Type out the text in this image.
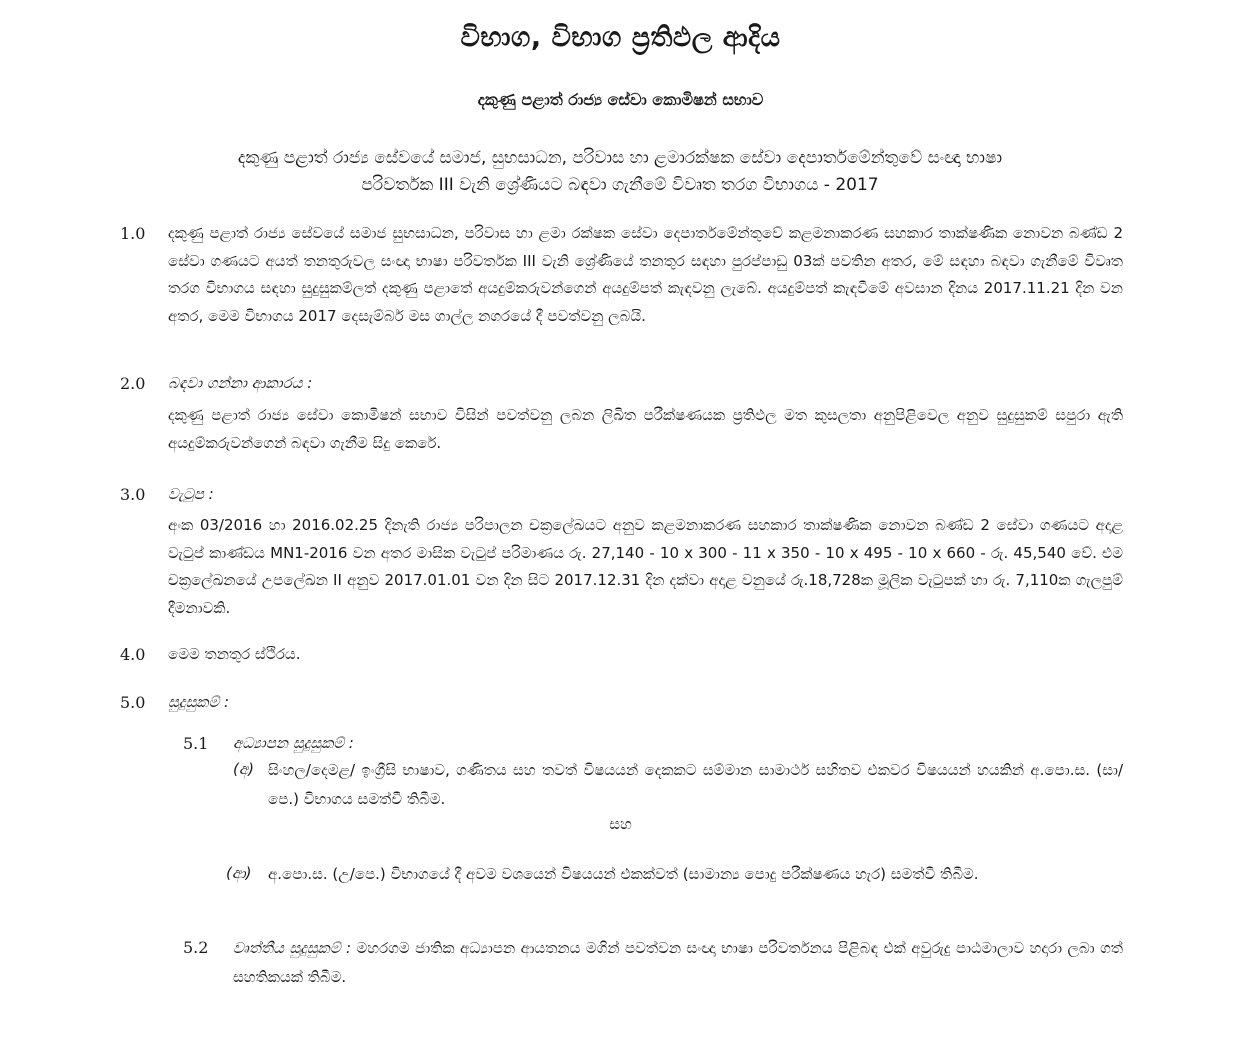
විභාග, විභාග ප්‍රතිඵල ආදිය
දකුණු පළාත් රාජ්‍ය සේවා කොමිෂන් සභාව
දකුණු පළාත් රාජ්‍ය සේවයේ සමාජ, සුභසාධන, පරිවාස හා ළමාරක්ෂක සේවා දෙපාර්තමේන්තුවේ සංඥා භාෂා
පරිවර්තක III වැනි ශ්‍රේණියට බඳවා ගැනීමේ විවෘත තරග විභාගය - 2017
1.0 දකුණු පළාත් රාජ්‍ය සේවයේ සමාජ සුභසාධන, පරිවාස හා ළමා රක්ෂක සේවා දෙපාර්තමේන්තුවේ කළමනාකරණ සහකාර තාක්ෂණික නොවන බණ්ඩ 2 සේවා ගණයට අයත් තනතුරුවල සංඥා භාෂා පරිවර්තක III වැනි ශ්‍රේණියේ තනතුර සඳහා පුරප්පාඩු 03ක් පවතින අතර, මේ සඳහා බඳවා ගැනීමේ විවෘත තරග විභාගය සඳහා සුදුසුකම්ලත් දකුණු පළාතේ අයදුම්කරුවන්ගෙන් අයදුම්පත් කැඳවනු ලැබේ. අයදුම්පත් කැඳවීමේ අවසාන දිනය 2017.11.21 දින වන අතර, මෙම විභාගය 2017 දෙසැම්බර් මස ගාල්ල නගරයේ දී පවත්වනු ලබයි.
2.0 බඳවා ගන්නා ආකාරය :
දකුණු පළාත් රාජ්‍ය සේවා කොමිෂන් සභාව විසින් පවත්වනු ලබන ලිඛිත පරීක්ෂණයක ප්‍රතිඵල මත කුසලතා අනුපිළිවෙල අනුව සුදුසුකම් සපුරා ඇති අයදුම්කරුවන්ගෙන් බඳවා ගැනීම සිදු කෙරේ.
3.0 වැටුප :
අංක 03/2016 හා 2016.02.25 දිනැති රාජ්‍ය පරිපාලන චක්‍රලේඛයට අනුව කළමනාකරණ සහකාර තාක්ෂණික නොවන බණ්ඩ 2 සේවා ගණයට අදාළ වැටුප් කාණ්ඩය MN1-2016 වන අතර මාසික වැටුප් පරිමාණය රු. 27,140 - 10 x 300 - 11 x 350 - 10 x 495 - 10 x 660 - රු. 45,540 වේ. එම චක්‍රලේඛනයේ උපලේඛන II අනුව 2017.01.01 වන දින සිට 2017.12.31 දින දක්වා අදාළ වනුයේ රු.18,728ක මූලික වැටුපක් හා රු. 7,110ක ගැලපුම් දීමනාවකි.
4.0 මෙම තනතුර ස්ථිරය.
5.0 සුදුසුකම් :
5.1 අධ්‍යාපන සුදුසුකම් :
(අ) සිංහල/දෙමළ/ ඉංග්‍රීසි භාෂාව, ගණිතය සහ තවත් විෂයයන් දෙකකට සම්මාන සාමාර්ථ සහිතව එකවර විෂයයන් හයකින් අ.පො.ස. (සා/පෙ.) විභාගය සමත්වී තිබීම.
සහ
(ආ) අ.පො.ස. (උ/පෙ.) විභාගයේ දී අවම වශයෙන් විෂයයන් එකක්වත් (සාමාන්‍ය පොදු පරීක්ෂණය හැර) සමත්වී තිබීම.
5.2 වෘත්තීය සුදුසුකම් : මහරගම ජාතික අධ්‍යාපන ආයතනය මගින් පවත්වන සංඥා භාෂා පරිවර්තනය පිළිබඳ එක් අවුරුදු පාඨමාලාව හදාරා ලබා ගත් සහතිකයක් තිබීම.
